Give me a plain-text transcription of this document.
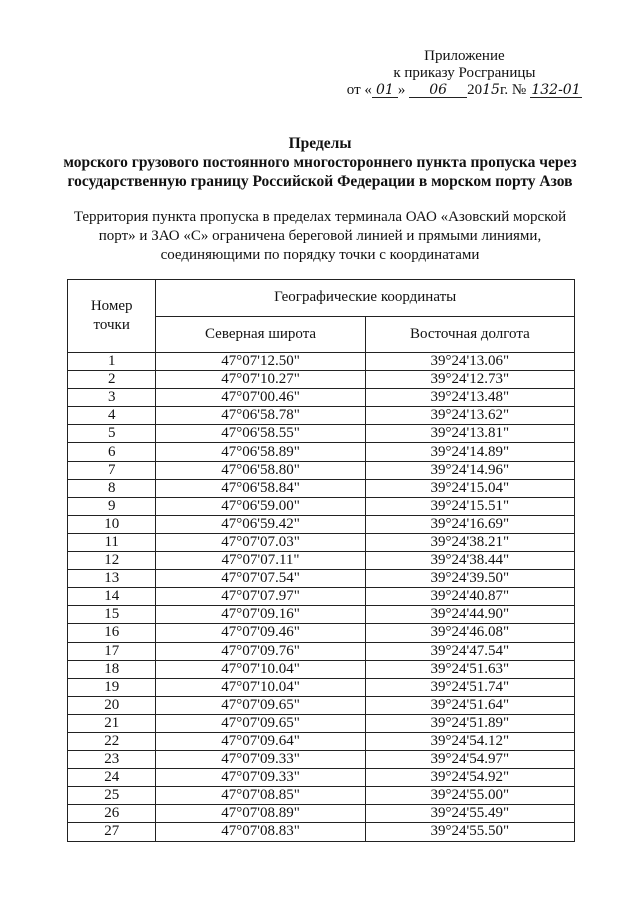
Приложение
к приказу Росграницы
от « 01 » 06 2015г. № 132-01
Пределы
морского грузового постоянного многостороннего пункта пропуска через
государственную границу Российской Федерации в морском порту Азов
Территория пункта пропуска в пределах терминала ОАО «Азовский морской
порт» и ЗАО «С» ограничена береговой линией и прямыми линиями,
соединяющими по порядку точки с координатами
Номер
точки	Географические координаты	
	Северная широта	Восточная долгота
1	47°07'12.50"	39°24'13.06"
2	47°07'10.27"	39°24'12.73"
3	47°07'00.46"	39°24'13.48"
4	47°06'58.78"	39°24'13.62"
5	47°06'58.55"	39°24'13.81"
6	47°06'58.89"	39°24'14.89"
7	47°06'58.80"	39°24'14.96"
8	47°06'58.84"	39°24'15.04"
9	47°06'59.00"	39°24'15.51"
10	47°06'59.42"	39°24'16.69"
11	47°07'07.03"	39°24'38.21"
12	47°07'07.11"	39°24'38.44"
13	47°07'07.54"	39°24'39.50"
14	47°07'07.97"	39°24'40.87"
15	47°07'09.16"	39°24'44.90"
16	47°07'09.46"	39°24'46.08"
17	47°07'09.76"	39°24'47.54"
18	47°07'10.04"	39°24'51.63"
19	47°07'10.04"	39°24'51.74"
20	47°07'09.65"	39°24'51.64"
21	47°07'09.65"	39°24'51.89"
22	47°07'09.64"	39°24'54.12"
23	47°07'09.33"	39°24'54.97"
24	47°07'09.33"	39°24'54.92"
25	47°07'08.85"	39°24'55.00"
26	47°07'08.89"	39°24'55.49"
27	47°07'08.83"	39°24'55.50"
